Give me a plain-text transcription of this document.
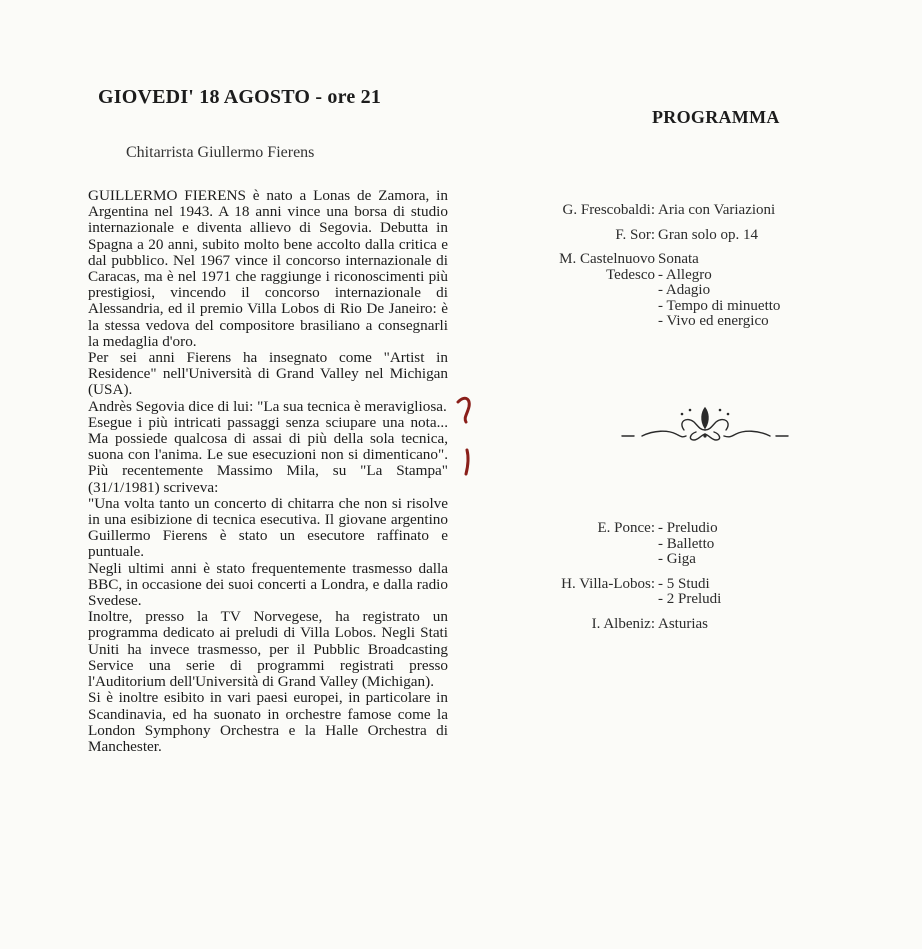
GIOVEDI' 18 AGOSTO - ore 21
Chitarrista Giullermo Fierens

GUILLERMO FIERENS è nato a Lonas de Zamora, in Argentina nel 1943. A 18 anni vince una borsa di studio internazionale e diventa allievo di Segovia. Debutta in Spagna a 20 anni, subito molto bene accolto dalla critica e dal pubblico. Nel 1967 vince il concorso internazionale di Caracas, ma è nel 1971 che raggiunge i riconoscimenti più prestigiosi, vincendo il concorso internazionale di Alessandria, ed il premio Villa Lobos di Rio De Janeiro: è la stessa vedova del compositore brasiliano a consegnarli la medaglia d'oro.

Per sei anni Fierens ha insegnato come "Artist in Residence" nell'Università di Grand Valley nel Michigan (USA).

Andrès Segovia dice di lui: "La sua tecnica è meravigliosa.

Esegue i più intricati passaggi senza sciupare una nota... Ma possiede qualcosa di assai di più della sola tecnica, suona con l'anima. Le sue esecuzioni non si dimenticano". Più recentemente Massimo Mila, su "La Stampa" (31/1/1981) scriveva:

"Una volta tanto un concerto di chitarra che non si risolve in una esibizione di tecnica esecutiva. Il giovane argentino Guillermo Fierens è stato un esecutore raffinato e puntuale.

Negli ultimi anni è stato frequentemente trasmesso dalla BBC, in occasione dei suoi concerti a Londra, e dalla radio Svedese.

Inoltre, presso la TV Norvegese, ha registrato un programma dedicato ai preludi di Villa Lobos. Negli Stati Uniti ha invece trasmesso, per il Pubblic Broadcasting Service una serie di programmi registrati presso l'Auditorium dell'Università di Grand Valley (Michigan).

Si è inoltre esibito in vari paesi europei, in particolare in Scandinavia, ed ha suonato in orchestre famose come la London Symphony Orchestra e la Halle Orchestra di Manchester.

PROGRAMMA
G. Frescobaldi: Aria con Variazioni
F. Sor: Gran solo op. 14
M. Castelnuovo Tedesco
Sonata
- Allegro
- Adagio
- Tempo di minuetto
- Vivo ed energico
E. Ponce: - Preludio
- Balletto
- Giga
H. Villa-Lobos: - 5 Studi
- 2 Preludi
I. Albeniz: Asturias
